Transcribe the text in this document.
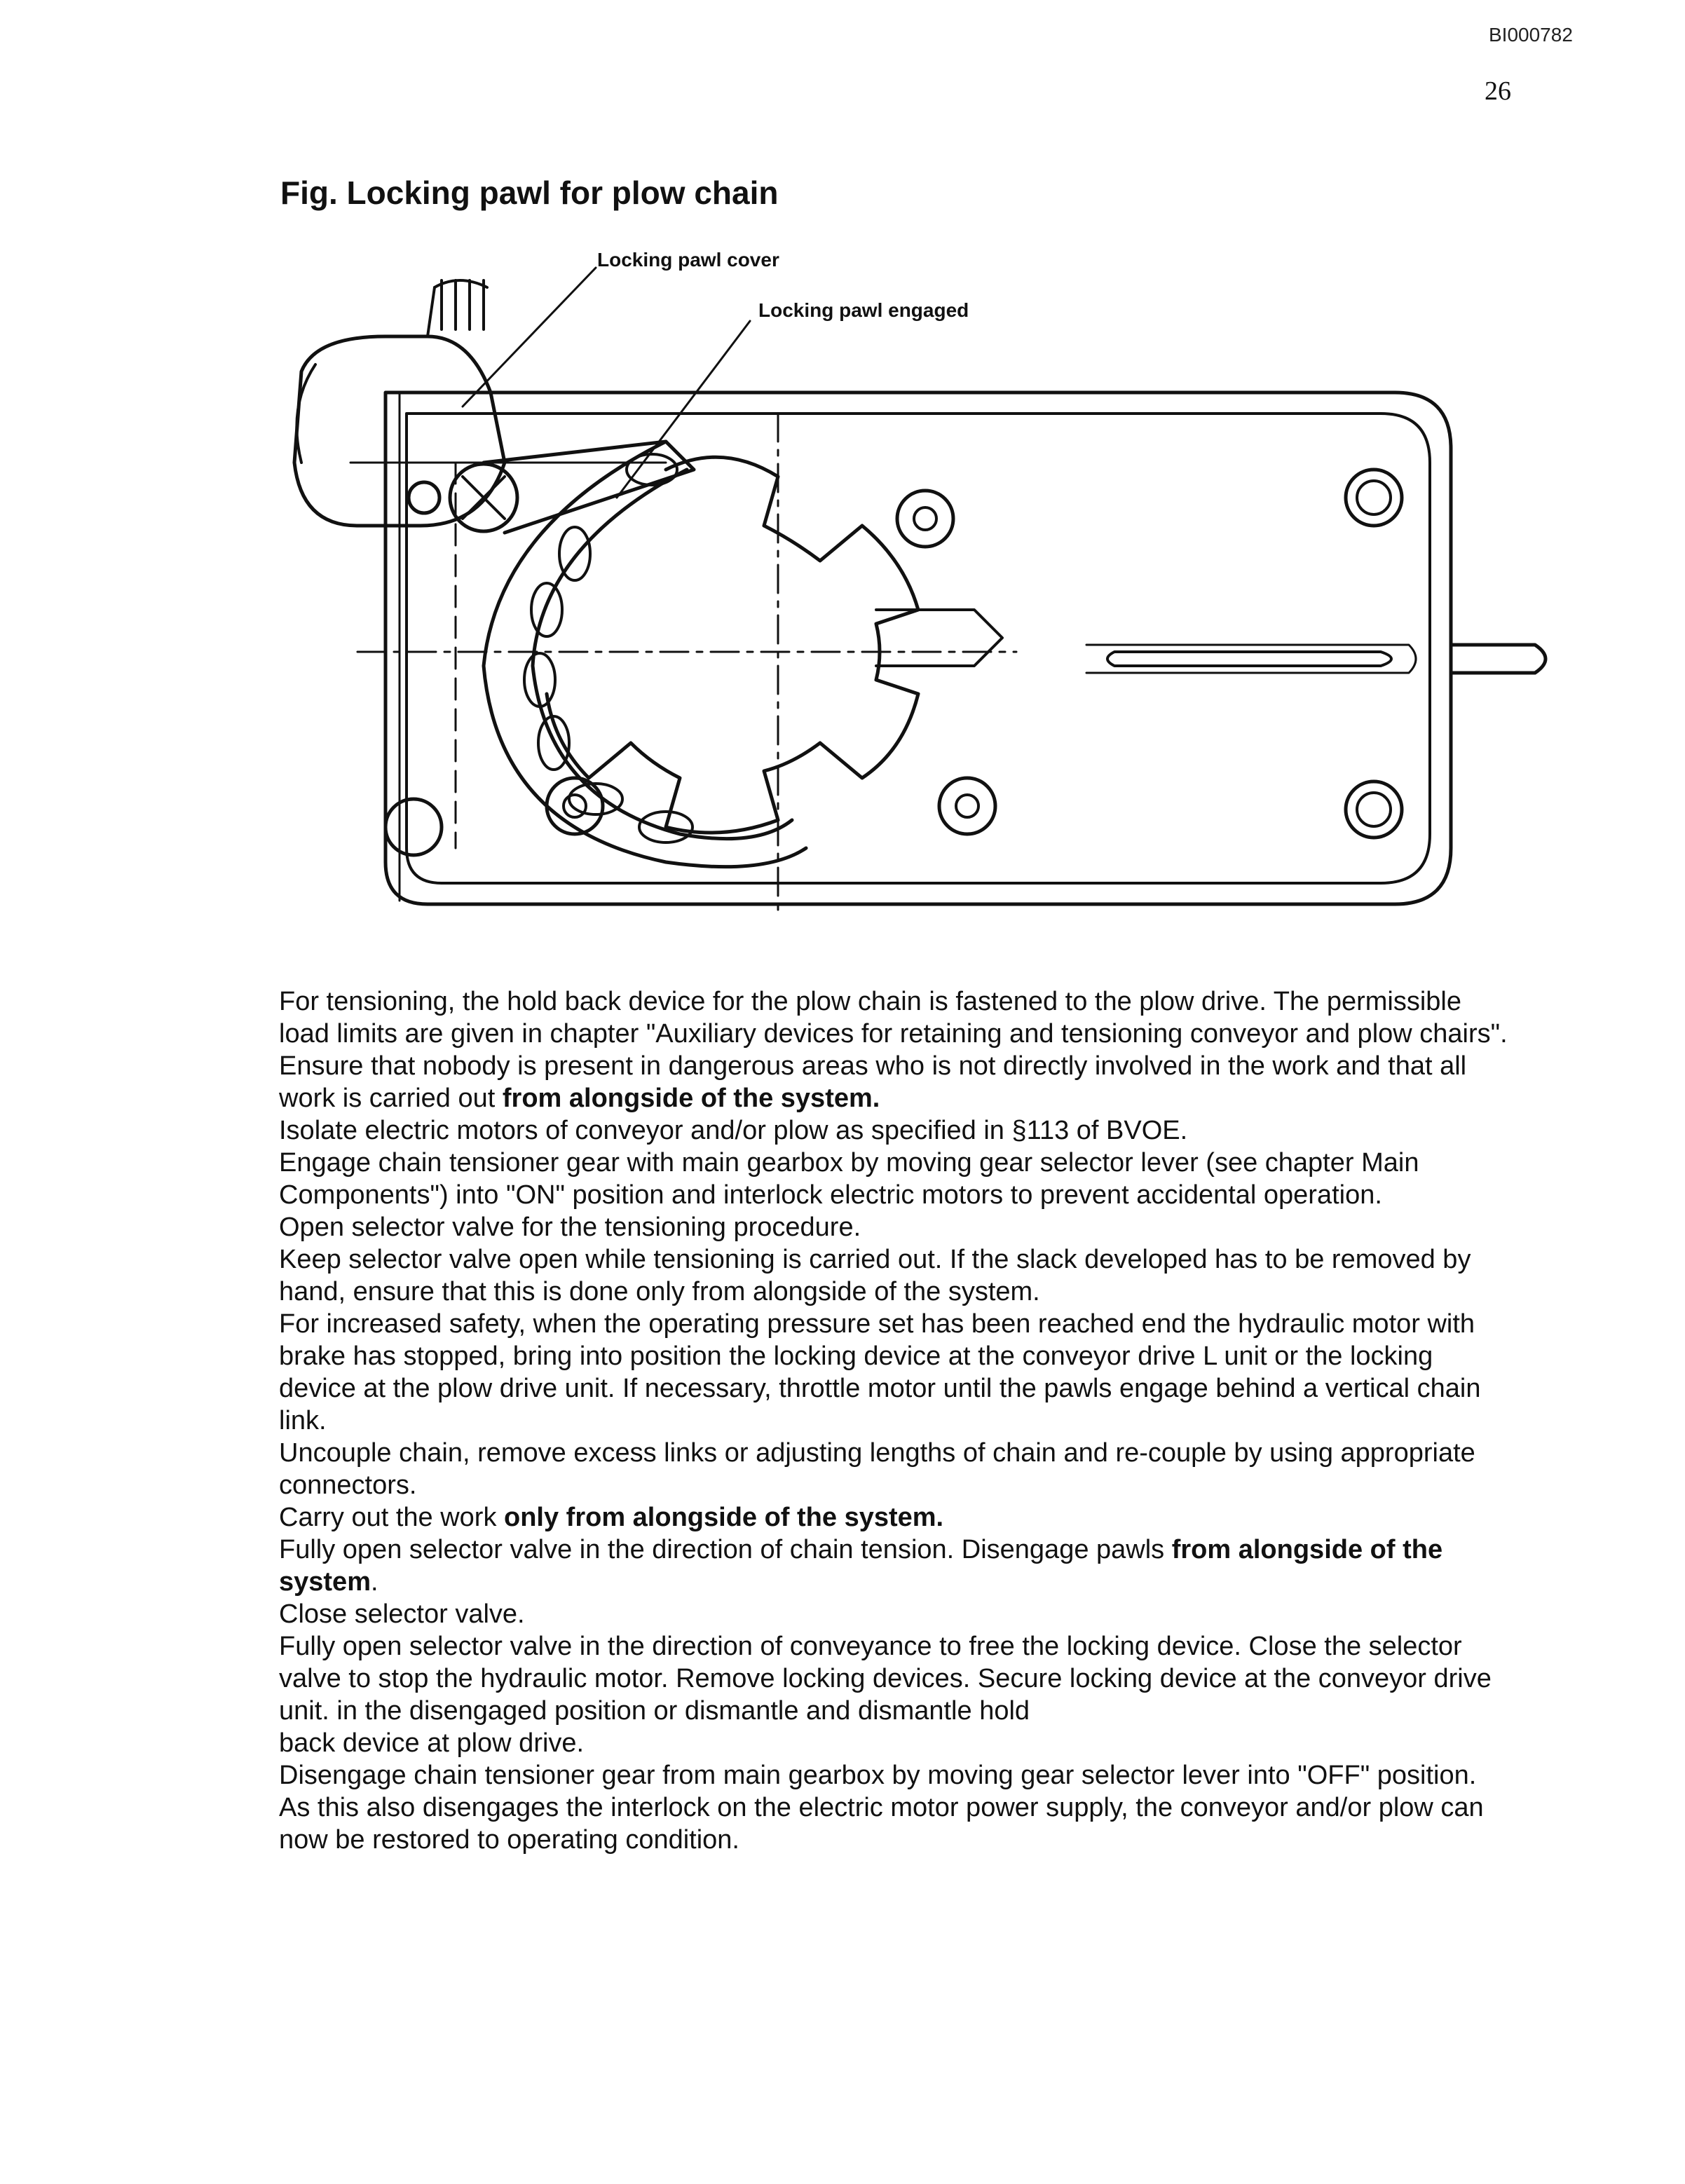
BI000782
26
Fig. Locking pawl for plow chain
Locking pawl cover
Locking pawl engaged

For tensioning, the hold back device for the plow chain is fastened to the plow drive. The permissible load limits are given in chapter "Auxiliary devices for retaining and tensioning conveyor and plow chairs".

Ensure that nobody is present in dangerous areas who is not directly involved in the work and that all work is carried out from alongside of the system.

Isolate electric motors of conveyor and/or plow as specified in §113 of BVOE.

Engage chain tensioner gear with main gearbox by moving gear selector lever (see chapter Main Components") into "ON" position and interlock electric motors to prevent accidental operation.

Open selector valve for the tensioning procedure.

Keep selector valve open while tensioning is carried out. If the slack developed has to be removed by hand, ensure that this is done only from alongside of the system.

For increased safety, when the operating pressure set has been reached end the hydraulic motor with brake has stopped, bring into position the locking device at the conveyor drive L unit or the locking device at the plow drive unit. If necessary, throttle motor until the pawls engage behind a vertical chain link.

Uncouple chain, remove excess links or adjusting lengths of chain and re-couple by using appropriate connectors.

Carry out the work only from alongside of the system.

Fully open selector valve in the direction of chain tension. Disengage pawls from alongside of the system.

Close selector valve.

Fully open selector valve in the direction of conveyance to free the locking device. Close the selector valve to stop the hydraulic motor. Remove locking devices. Secure locking device at the conveyor drive unit. in the disengaged position or dismantle and dismantle hold

back device at plow drive.

Disengage chain tensioner gear from main gearbox by moving gear selector lever into "OFF" position. As this also disengages the interlock on the electric motor power supply, the conveyor and/or plow can now be restored to operating condition.
